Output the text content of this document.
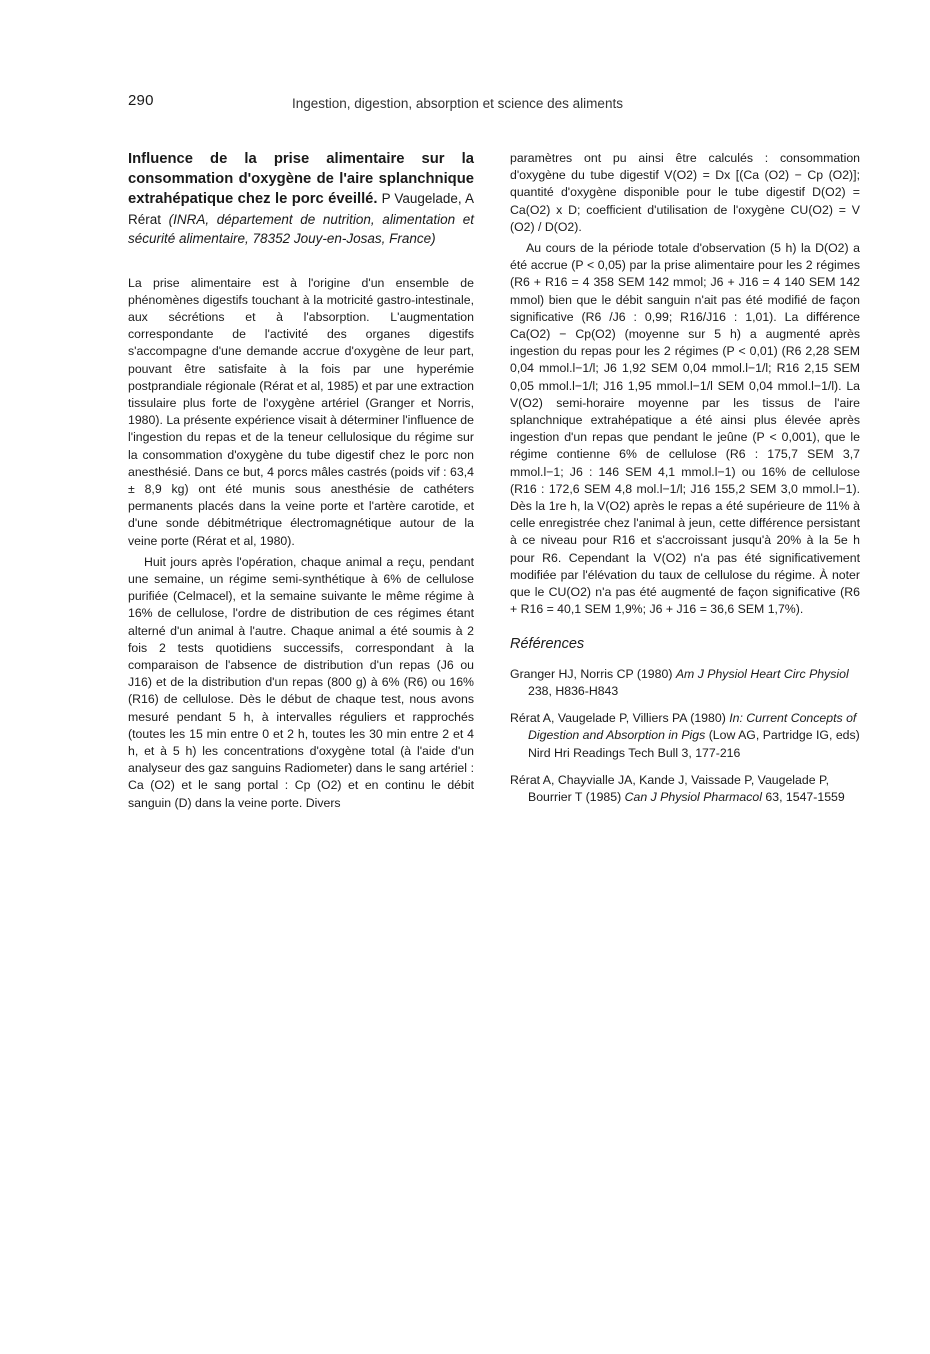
290	Ingestion, digestion, absorption et science des aliments

Influence de la prise alimentaire sur la consommation d'oxygène de l'aire splanchnique extrahépatique chez le porc éveillé. P Vaugelade, A Rérat (INRA, département de nutrition, alimentation et sécurité alimentaire, 78352 Jouy-en-Josas, France)

La prise alimentaire est à l'origine d'un ensemble de phénomènes digestifs touchant à la motricité gastro-intestinale, aux sécrétions et à l'absorption. L'augmentation correspondante de l'activité des organes digestifs s'accompagne d'une demande accrue d'oxygène de leur part, pouvant être satisfaite à la fois par une hyperémie postprandiale régionale (Rérat et al, 1985) et par une extraction tissulaire plus forte de l'oxygène artériel (Granger et Norris, 1980). La présente expérience visait à déterminer l'influence de l'ingestion du repas et de la teneur cellulosique du régime sur la consommation d'oxygène du tube digestif chez le porc non anesthésié. Dans ce but, 4 porcs mâles castrés (poids vif : 63,4 ± 8,9 kg) ont été munis sous anesthésie de cathéters permanents placés dans la veine porte et l'artère carotide, et d'une sonde débitmétrique électromagnétique autour de la veine porte (Rérat et al, 1980).

Huit jours après l'opération, chaque animal a reçu, pendant une semaine, un régime semi-synthétique à 6% de cellulose purifiée (Celmacel), et la semaine suivante le même régime à 16% de cellulose, l'ordre de distribution de ces régimes étant alterné d'un animal à l'autre. Chaque animal a été soumis à 2 fois 2 tests quotidiens successifs, correspondant à la comparaison de l'absence de distribution d'un repas (J6 ou J16) et de la distribution d'un repas (800 g) à 6% (R6) ou 16% (R16) de cellulose. Dès le début de chaque test, nous avons mesuré pendant 5 h, à intervalles réguliers et rapprochés (toutes les 15 min entre 0 et 2 h, toutes les 30 min entre 2 et 4 h, et à 5 h) les concentrations d'oxygène total (à l'aide d'un analyseur des gaz sanguins Radiometer) dans le sang artériel : Ca (O2) et le sang portal : Cp (O2) et en continu le débit sanguin (D) dans la veine porte. Divers

paramètres ont pu ainsi être calculés : consommation d'oxygène du tube digestif V(O2) = Dx [(Ca (O2) − Cp (O2)]; quantité d'oxygène disponible pour le tube digestif D(O2) = Ca(O2) x D; coefficient d'utilisation de l'oxygène CU(O2) = V (O2) / D(O2).

Au cours de la période totale d'observation (5 h) la D(O2) a été accrue (P < 0,05) par la prise alimentaire pour les 2 régimes (R6 + R16 = 4 358 SEM 142 mmol; J6 + J16 = 4 140 SEM 142 mmol) bien que le débit sanguin n'ait pas été modifié de façon significative (R6 /J6 : 0,99; R16/J16 : 1,01). La différence Ca(O2) − Cp(O2) (moyenne sur 5 h) a augmenté après ingestion du repas pour les 2 régimes (P < 0,01) (R6 2,28 SEM 0,04 mmol.l−1/l; J6 1,92 SEM 0,04 mmol.l−1/l; R16 2,15 SEM 0,05 mmol.l−1/l; J16 1,95 mmol.l−1/l SEM 0,04 mmol.l−1/l). La V(O2) semi-horaire moyenne par les tissus de l'aire splanchnique extrahépatique a été ainsi plus élevée après ingestion d'un repas que pendant le jeûne (P < 0,001), que le régime contienne 6% de cellulose (R6 : 175,7 SEM 3,7 mmol.l−1; J6 : 146 SEM 4,1 mmol.l−1) ou 16% de cellulose (R16 : 172,6 SEM 4,8 mol.l−1/l; J16 155,2 SEM 3,0 mmol.l−1). Dès la 1re h, la V(O2) après le repas a été supérieure de 11% à celle enregistrée chez l'animal à jeun, cette différence persistant à ce niveau pour R16 et s'accroissant jusqu'à 20% à la 5e h pour R6. Cependant la V(O2) n'a pas été significativement modifiée par l'élévation du taux de cellulose du régime. À noter que le CU(O2) n'a pas été augmenté de façon significative (R6 + R16 = 40,1 SEM 1,9%; J6 + J16 = 36,6 SEM 1,7%).

Références

Granger HJ, Norris CP (1980) Am J Physiol Heart Circ Physiol 238, H836-H843

Rérat A, Vaugelade P, Villiers PA (1980) In: Current Concepts of Digestion and Absorption in Pigs (Low AG, Partridge IG, eds) Nird Hri Readings Tech Bull 3, 177-216

Rérat A, Chayvialle JA, Kande J, Vaissade P, Vaugelade P, Bourrier T (1985) Can J Physiol Pharmacol 63, 1547-1559
